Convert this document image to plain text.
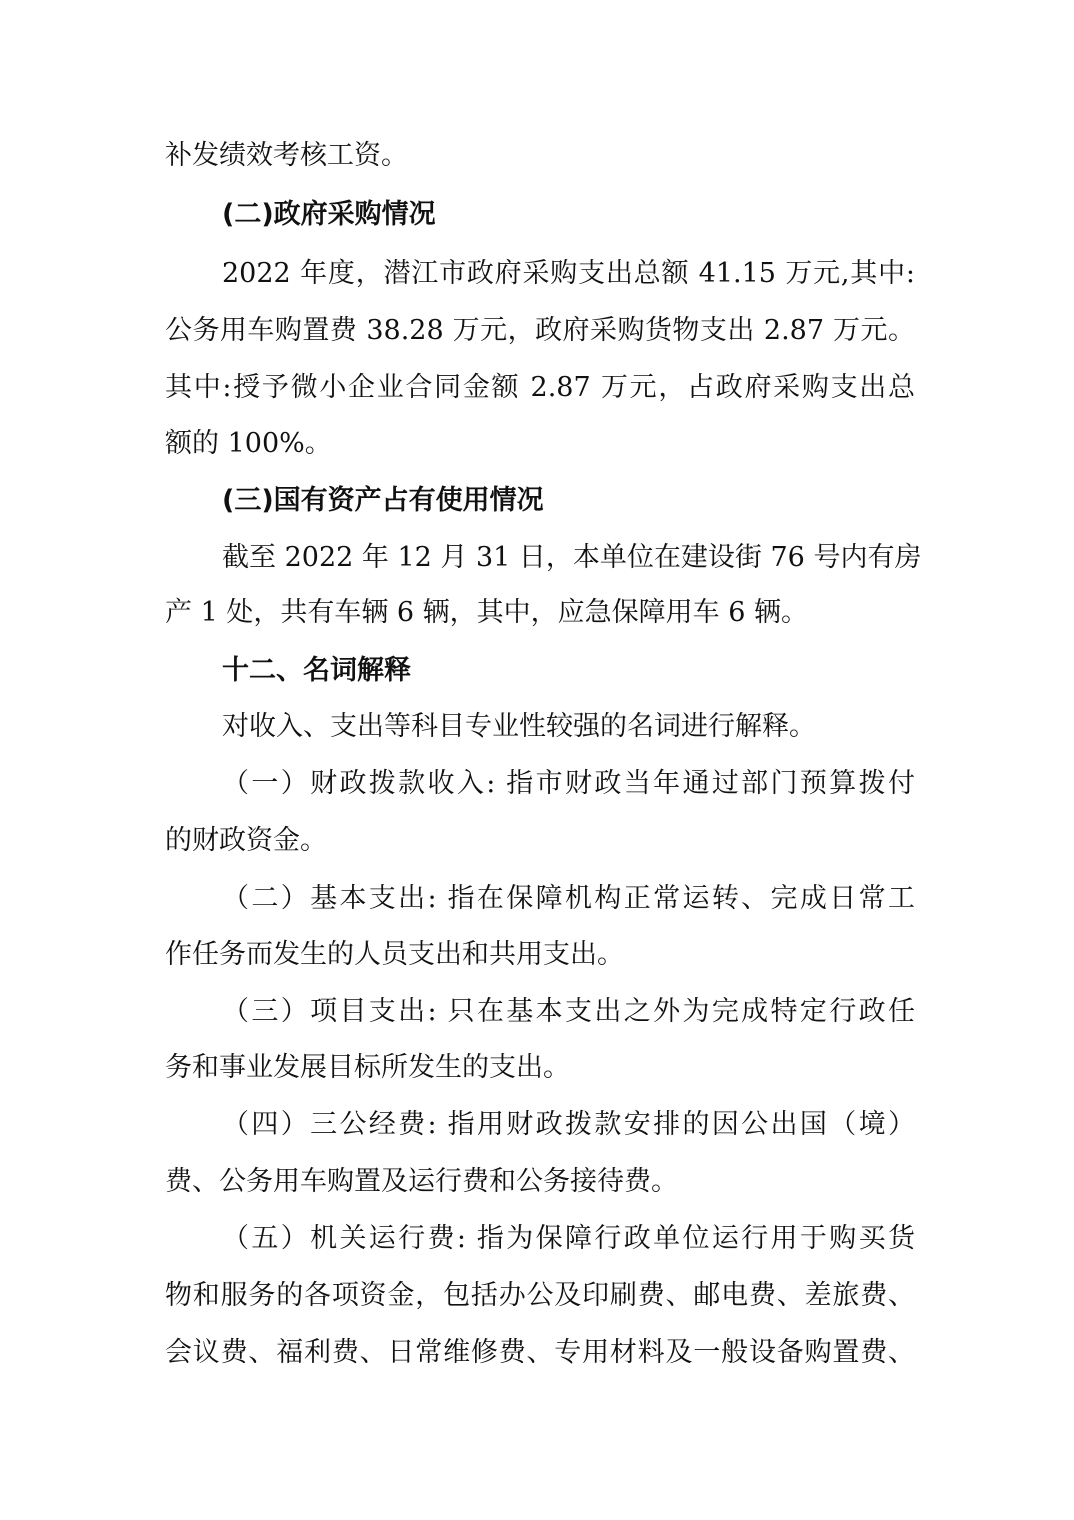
补发绩效考核工资。
(二)政府采购情况
2022 年度，潜江市政府采购支出总额 41.15 万元,其中:
公务用车购置费 38.28 万元，政府采购货物支出 2.87 万元。
其中:授予微小企业合同金额 2.87 万元，占政府采购支出总
额的 100%。
(三)国有资产占有使用情况
截至 2022 年 12 月 31 日，本单位在建设街 76 号内有房
产 1 处，共有车辆 6 辆，其中，应急保障用车 6 辆。
十二、名词解释
对收入、支出等科目专业性较强的名词进行解释。
（一）财政拨款收入: 指市财政当年通过部门预算拨付
的财政资金。
（二）基本支出: 指在保障机构正常运转、完成日常工
作任务而发生的人员支出和共用支出。
（三）项目支出: 只在基本支出之外为完成特定行政任
务和事业发展目标所发生的支出。
（四）三公经费: 指用财政拨款安排的因公出国（境）
费、公务用车购置及运行费和公务接待费。
（五）机关运行费: 指为保障行政单位运行用于购买货
物和服务的各项资金，包括办公及印刷费、邮电费、差旅费、
会议费、福利费、日常维修费、专用材料及一般设备购置费、
